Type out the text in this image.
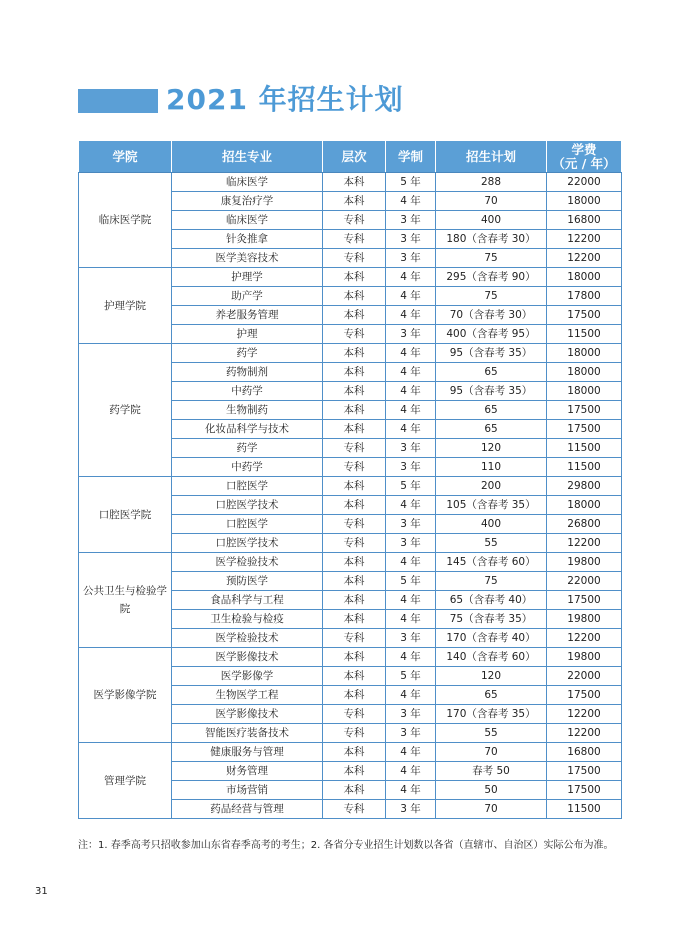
2021 年招生计划
学院	招生专业	层次	学制	招生计划	学费
（元 / 年）

临床医学院	临床医学	本科	5 年	288	22000
	康复治疗学	本科	4 年	70	18000
	临床医学	专科	3 年	400	16800
	针灸推拿	专科	3 年	180（含春考 30）	12200
	医学美容技术	专科	3 年	75	12200
护理学院	护理学	本科	4 年	295（含春考 90）	18000
	助产学	本科	4 年	75	17800
	养老服务管理	本科	4 年	70（含春考 30）	17500
	护理	专科	3 年	400（含春考 95）	11500
药学院	药学	本科	4 年	95（含春考 35）	18000
	药物制剂	本科	4 年	65	18000
	中药学	本科	4 年	95（含春考 35）	18000
	生物制药	本科	4 年	65	17500
	化妆品科学与技术	本科	4 年	65	17500
	药学	专科	3 年	120	11500
	中药学	专科	3 年	110	11500
口腔医学院	口腔医学	本科	5 年	200	29800
	口腔医学技术	本科	4 年	105（含春考 35）	18000
	口腔医学	专科	3 年	400	26800
	口腔医学技术	专科	3 年	55	12200
公共卫生与检验学院	医学检验技术	本科	4 年	145（含春考 60）	19800
	预防医学	本科	5 年	75	22000
	食品科学与工程	本科	4 年	65（含春考 40）	17500
	卫生检验与检疫	本科	4 年	75（含春考 35）	19800
	医学检验技术	专科	3 年	170（含春考 40）	12200
医学影像学院	医学影像技术	本科	4 年	140（含春考 60）	19800
	医学影像学	本科	5 年	120	22000
	生物医学工程	本科	4 年	65	17500
	医学影像技术	专科	3 年	170（含春考 35）	12200
	智能医疗装备技术	专科	3 年	55	12200
管理学院	健康服务与管理	本科	4 年	70	16800
	财务管理	本科	4 年	春考 50	17500
	市场营销	本科	4 年	50	17500
	药品经营与管理	专科	3 年	70	11500
注：1. 春季高考只招收参加山东省春季高考的考生；2. 各省分专业招生计划数以各省（直辖市、自治区）实际公布为准。
31
